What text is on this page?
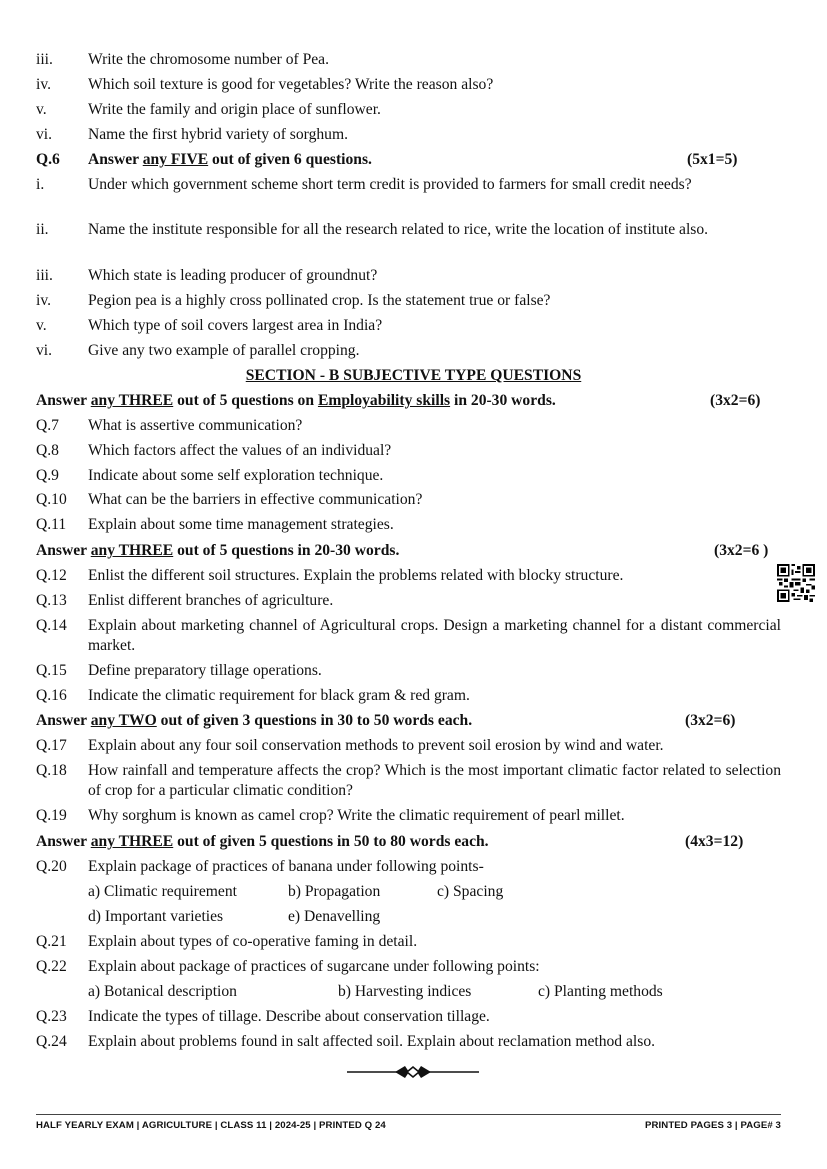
iii. Write the chromosome number of Pea.
iv. Which soil texture is good for vegetables? Write the reason also?
v.	Write the family and origin place of sunflower.
vi. Name the first hybrid variety of sorghum.
Q.6 Answer any FIVE out of given 6 questions.	(5x1=5)
i.	Under which government scheme short term credit is provided to farmers for small credit needs?
ii.	Name the institute responsible for all the research related to rice, write the location of institute also.
iii. Which state is leading producer of groundnut?
iv. Pegion pea is a highly cross pollinated crop. Is the statement true or false?
v.	Which type of soil covers largest area in India?
vi. Give any two example of parallel cropping.
SECTION - B SUBJECTIVE TYPE QUESTIONS
Answer any THREE out of 5 questions on Employability skills in 20-30 words.	(3x2=6)
Q.7 What is assertive communication?
Q.8 Which factors affect the values of an individual?
Q.9 Indicate about some self exploration technique.
Q.10 What can be the barriers in effective communication?
Q.11 Explain about some time management strategies.
Answer any THREE out of 5 questions in 20-30 words.	(3x2=6 )
Q.12 Enlist the different soil structures. Explain the problems related with blocky structure.
Q.13 Enlist different branches of agriculture.
Q.14 Explain about marketing channel of Agricultural crops. Design a marketing channel for a distant commercial market.
Q.15 Define preparatory tillage operations.
Q.16 Indicate the climatic requirement for black gram & red gram.
Answer any TWO out of given 3 questions in 30 to 50 words each.	(3x2=6)
Q.17 Explain about any four soil conservation methods to prevent soil erosion by wind and water.
Q.18 How rainfall and temperature affects the crop? Which is the most important climatic factor related to selection of crop for a particular climatic condition?
Q.19 Why sorghum is known as camel crop? Write the climatic requirement of pearl millet.
Answer any THREE out of given 5 questions in 50 to 80 words each.	(4x3=12)
Q.20 Explain package of practices of banana under following points-
a) Climatic requirement	b) Propagation	c) Spacing
d) Important varieties	e) Denavelling
Q.21 Explain about types of co-operative faming in detail.
Q.22 Explain about package of practices of sugarcane under following points:
a) Botanical description	b) Harvesting indices	c) Planting methods
Q.23 Indicate the types of tillage. Describe about conservation tillage.
Q.24 Explain about problems found in salt affected soil. Explain about reclamation method also.
HALF YEARLY EXAM | AGRICULTURE | CLASS 11 | 2024-25 | PRINTED Q 24	PRINTED PAGES 3 | PAGE# 3
